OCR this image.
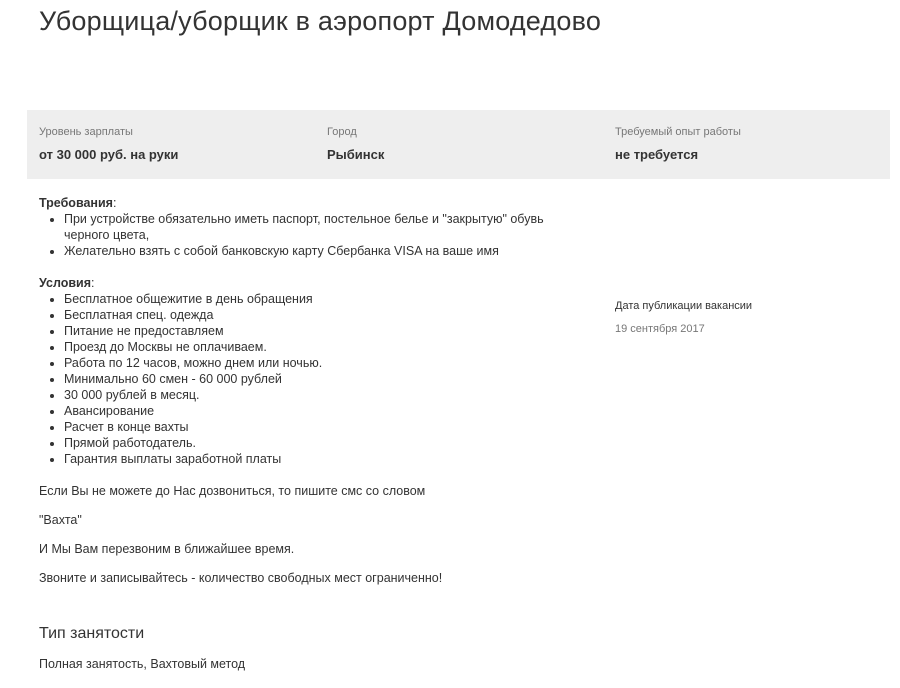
Уборщица/уборщик в аэропорт Домодедово
Уровень зарплаты
от 30 000 руб. на руки
Город
Рыбинск
Требуемый опыт работы
не требуется

Требования:

• При устройстве обязательно иметь паспорт, постельное белье и "закрытую" обувь черного цвета,
• Желательно взять с собой банковскую карту Сбербанка VISA на ваше имя

Условия:

• Бесплатное общежитие в день обращения
• Бесплатная спец. одежда
• Питание не предоставляем
• Проезд до Москвы не оплачиваем.
• Работа по 12 часов, можно днем или ночью.
• Минимально 60 смен - 60 000 рублей
• 30 000 рублей в месяц.
• Авансирование
• Расчет в конце вахты
• Прямой работодатель.
• Гарантия выплаты заработной платы

Если Вы не можете до Нас дозвониться, то пишите смс со словом

"Вахта"

И Мы Вам перезвоним в ближайшее время.

Звоните и записывайтесь - количество свободных мест ограниченно!

Дата публикации вакансии
19 сентября 2017
Тип занятости
Полная занятость, Вахтовый метод
